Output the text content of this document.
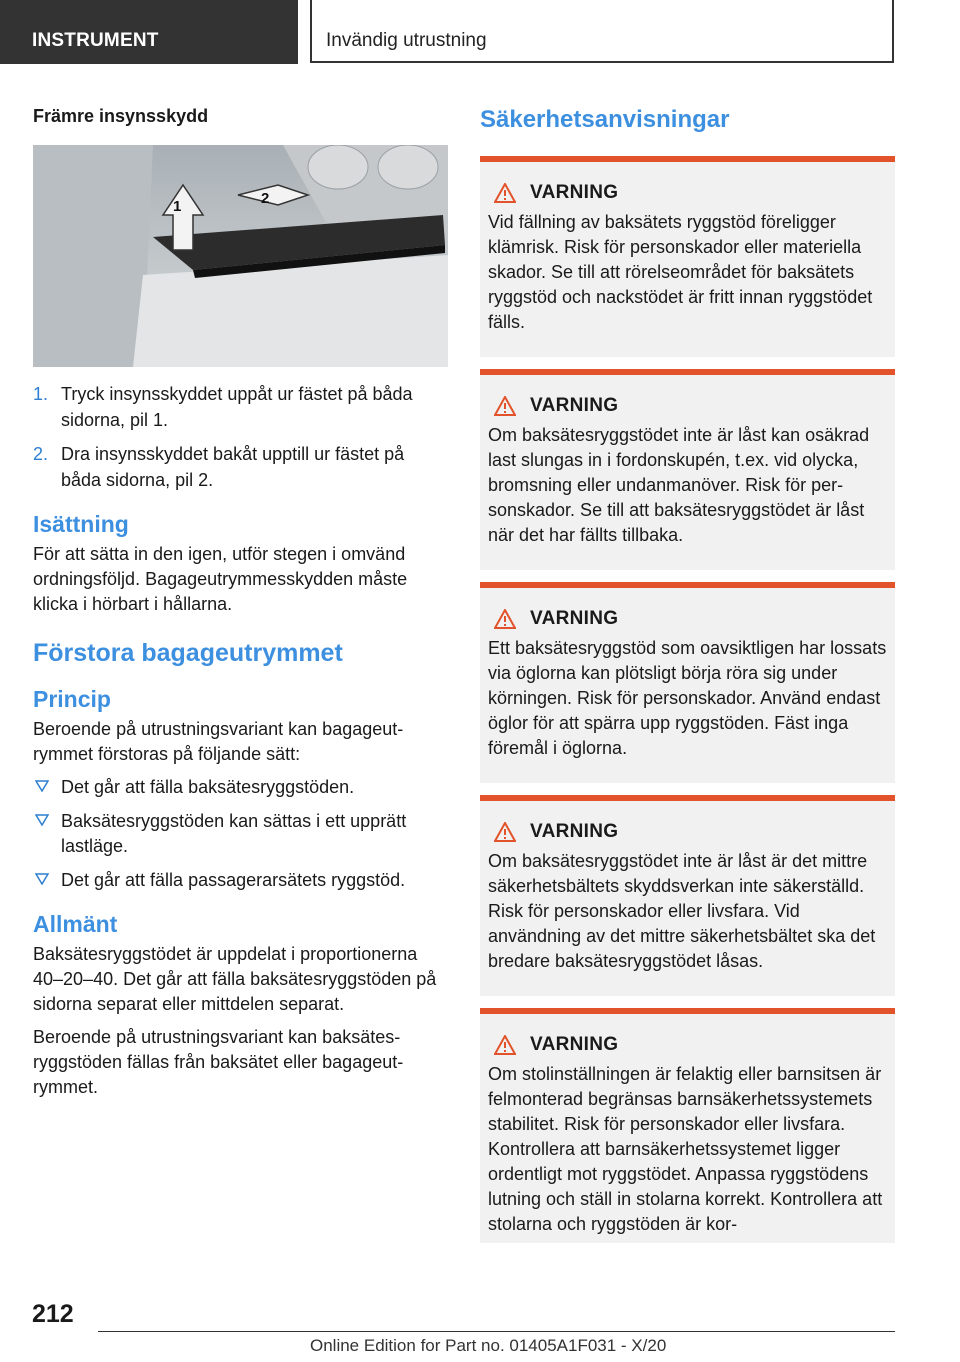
INSTRUMENT	Invändig utrustning
Främre insynsskydd
1	2
1. Tryck insynsskyddet uppåt ur fästet på båda sidorna, pil 1.
2. Dra insynsskyddet bakåt upptill ur fästet på båda sidorna, pil 2.
Isättning

För att sätta in den igen, utför stegen i omvänd ordningsföljd. Bagageutrymmesskydden måste klicka i hörbart i hållarna.

Förstora bagageutrymmet
Princip

Beroende på utrustningsvariant kan bagageutrymmet förstoras på följande sätt:

Det går att fälla baksätesryggstöden.
Baksätesryggstöden kan sättas i ett upprätt lastläge.
Det går att fälla passagerarsätets ryggstöd.
Allmänt

Baksätesryggstödet är uppdelat i proportionerna 40–20–40. Det går att fälla baksätesryggstöden på sidorna separat eller mittdelen separat.

Beroende på utrustningsvariant kan baksätesryggstöden fällas från baksätet eller bagageutrymmet.

Säkerhetsanvisningar
VARNING
Vid fällning av baksätets ryggstöd föreligger klämrisk. Risk för personskador eller materiella skador. Se till att rörelseområdet för baksätets ryggstöd och nackstödet är fritt innan ryggstödet fälls.
VARNING
Om baksätesryggstödet inte är låst kan osäkrad last slungas in i fordonskupén, t.ex. vid olycka, bromsning eller undanmanöver. Risk för personskador. Se till att baksätesryggstödet är låst när det har fällts tillbaka.
VARNING
Ett baksätesryggstöd som oavsiktligen har lossats via öglorna kan plötsligt börja röra sig under körningen. Risk för personskador. Använd endast öglor för att spärra upp ryggstöden. Fäst inga föremål i öglorna.
VARNING
Om baksätesryggstödet inte är låst är det mittre säkerhetsbältets skyddsverkan inte säkerställd. Risk för personskador eller livsfara. Vid användning av det mittre säkerhetsbältet ska det bredare baksätesryggstödet låsas.
VARNING
Om stolinställningen är felaktig eller barnsitsen är felmonterad begränsas barnsäkerhetssystemets stabilitet. Risk för personskador eller livsfara. Kontrollera att barnsäkerhetssystemet ligger ordentligt mot ryggstödet. Anpassa ryggstödens lutning och ställ in stolarna korrekt. Kontrollera att stolarna och ryggstöden är kor-
212
Online Edition for Part no. 01405A1F031 - X/20
